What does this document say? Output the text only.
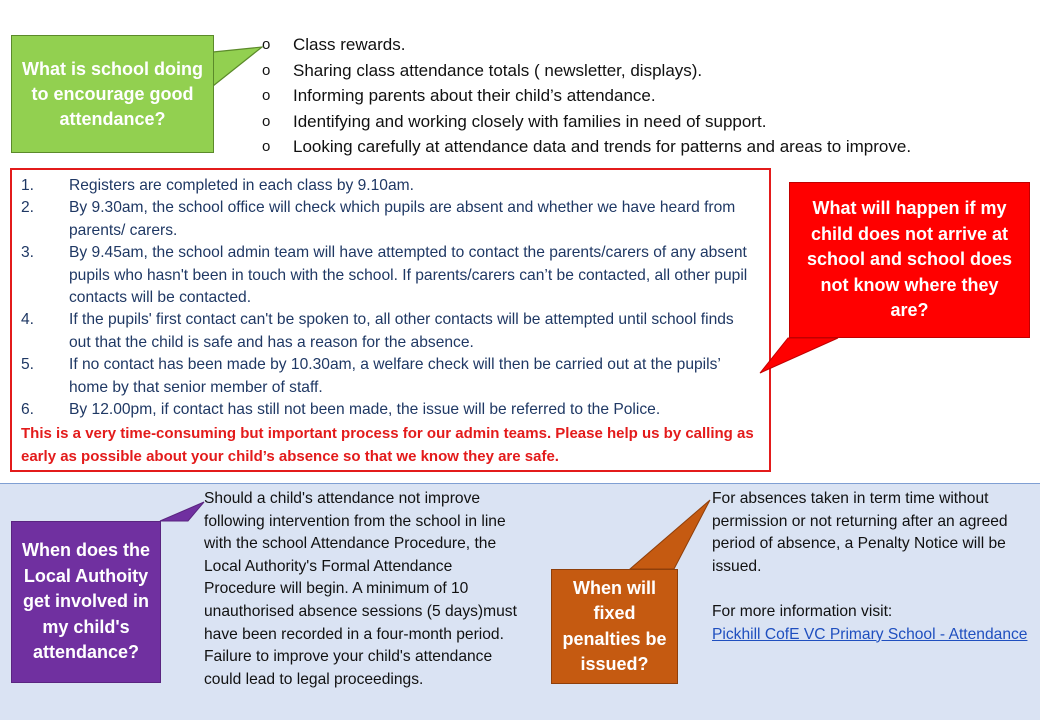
What is school doing to encourage good attendance?
o Class rewards.
o Sharing class attendance totals ( newsletter, displays).
o Informing parents about their child’s attendance.
o Identifying and working closely with families in need of support.
o Looking carefully at attendance data and trends for patterns and areas to improve.
1. Registers are completed in each class by 9.10am.
2. By 9.30am, the school office will check which pupils are absent and whether we have heard from parents/ carers.
3. By 9.45am, the school admin team will have attempted to contact the parents/carers of any absent pupils who hasn't been in touch with the school. If parents/carers can’t be contacted, all other pupil contacts will be contacted.
4. If the pupils' first contact can't be spoken to, all other contacts will be attempted until school finds out that the child is safe and has a reason for the absence.
5. If no contact has been made by 10.30am, a welfare check will then be carried out at the pupils’ home by that senior member of staff.
6. By 12.00pm, if contact has still not been made, the issue will be referred to the Police.
This is a very time-consuming but important process for our admin teams. Please help us by calling as early as possible about your child’s absence so that we know they are safe.
What will happen if my child does not arrive at school and school does not know where they are?
When does the Local Authoity get involved in my child's attendance?
Should a child's attendance not improve following intervention from the school in line with the school Attendance Procedure, the Local Authority's Formal Attendance Procedure will begin. A minimum of 10 unauthorised absence sessions (5 days)must have been recorded in a four-month period. Failure to improve your child's attendance could lead to legal proceedings.
When will fixed penalties be issued?
For absences taken in term time without permission or not returning after an agreed period of absence, a Penalty Notice will be issued.
For more information visit:
Pickhill CofE VC Primary School - Attendance
